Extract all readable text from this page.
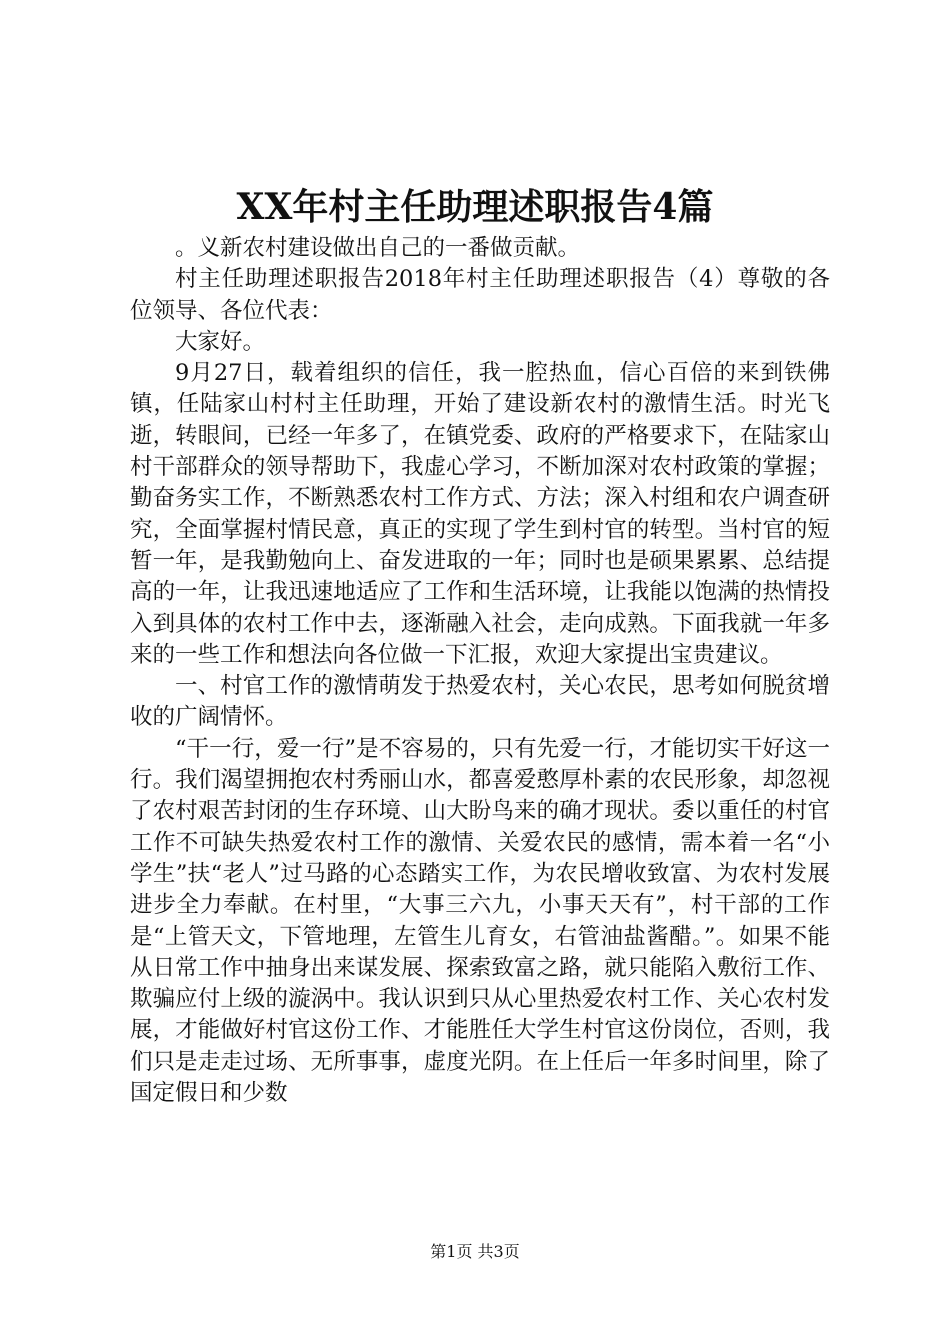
XX年村主任助理述职报告4篇

。义新农村建设做出自己的一番做贡献。

村主任助理述职报告2018年村主任助理述职报告（4）尊敬的各位领导、各位代表：

大家好。

9月27日，载着组织的信任，我一腔热血，信心百倍的来到铁佛镇，任陆家山村村主任助理，开始了建设新农村的激情生活。时光飞逝，转眼间，已经一年多了，在镇党委、政府的严格要求下，在陆家山村干部群众的领导帮助下，我虚心学习，不断加深对农村政策的掌握；勤奋务实工作，不断熟悉农村工作方式、方法；深入村组和农户调查研究，全面掌握村情民意，真正的实现了学生到村官的转型。当村官的短暂一年，是我勤勉向上、奋发进取的一年；同时也是硕果累累、总结提高的一年，让我迅速地适应了工作和生活环境，让我能以饱满的热情投入到具体的农村工作中去，逐渐融入社会，走向成熟。下面我就一年多来的一些工作和想法向各位做一下汇报，欢迎大家提出宝贵建议。

一、村官工作的激情萌发于热爱农村，关心农民，思考如何脱贫增收的广阔情怀。

“干一行，爱一行”是不容易的，只有先爱一行，才能切实干好这一行。我们渴望拥抱农村秀丽山水，都喜爱憨厚朴素的农民形象，却忽视了农村艰苦封闭的生存环境、山大盼鸟来的确才现状。委以重任的村官工作不可缺失热爱农村工作的激情、关爱农民的感情，需本着一名“小学生”扶“老人”过马路的心态踏实工作，为农民增收致富、为农村发展进步全力奉献。在村里，“大事三六九，小事天天有”，村干部的工作是“上管天文，下管地理，左管生儿育女，右管油盐酱醋。”。如果不能从日常工作中抽身出来谋发展、探索致富之路，就只能陷入敷衍工作、欺骗应付上级的漩涡中。我认识到只从心里热爱农村工作、关心农村发展，才能做好村官这份工作、才能胜任大学生村官这份岗位，否则，我们只是走走过场、无所事事，虚度光阴。在上任后一年多时间里，除了国定假日和少数

第1页 共3页
